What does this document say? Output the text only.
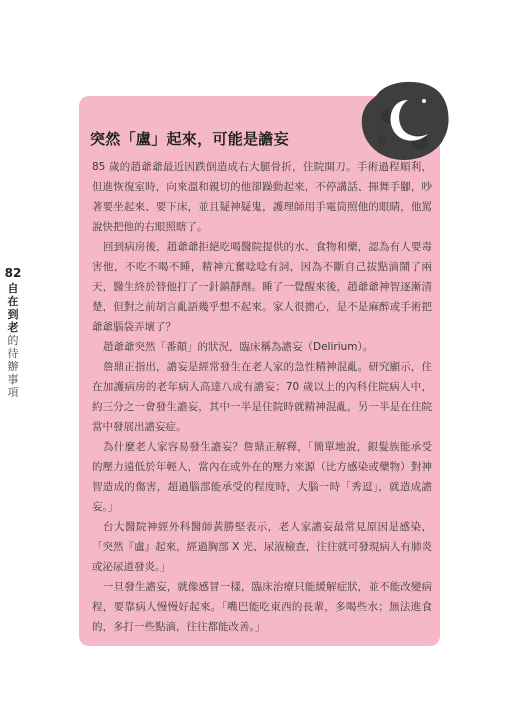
82
自
在
到
老
的
待
辦
事
項
突然「盧」起來，可能是譫妄

85 歲的趙爺爺最近因跌倒造成右大腿骨折，住院開刀。手術過程順利，但進恢復室時，向來溫和親切的他卻躁動起來，不停講話、揮舞手腳，吵著要坐起來、要下床，並且疑神疑鬼，護理師用手電筒照他的眼睛，他罵說快把他的右眼照瞎了。

回到病房後，趙爺爺拒絕吃喝醫院提供的水、食物和藥，認為有人要毒害他，不吃不喝不睡，精神亢奮唸唸有詞，因為不斷自己拔點滴鬧了兩天，醫生終於替他打了一針鎮靜劑。睡了一覺醒來後，趙爺爺神智逐漸清楚，但對之前胡言亂語幾乎想不起來。家人很擔心，是不是麻醉或手術把爺爺腦袋弄壞了？

趙爺爺突然「番顛」的狀況，臨床稱為譫妄（Delirium）。

詹鼎正指出，譫妄是經常發生在老人家的急性精神混亂。研究顯示，住在加護病房的老年病人高達八成有譫妄；70 歲以上的內科住院病人中，約三分之一會發生譫妄，其中一半是住院時就精神混亂，另一半是在住院當中發展出譫妄症。

為什麼老人家容易發生譫妄？詹鼎正解釋，「簡單地說，銀髮族能承受的壓力遠低於年輕人，當內在或外在的壓力來源（比方感染或藥物）對神智造成的傷害，超過腦部能承受的程度時，大腦一時「秀逗」，就造成譫妄。」

台大醫院神經外科醫師黃勝堅表示，老人家譫妄最常見原因是感染，「突然『盧』起來，經過胸部 X 光、尿液檢查，往往就可發現病人有肺炎或泌尿道發炎。」

一旦發生譫妄，就像感冒一樣，臨床治療只能緩解症狀，並不能改變病程，要靠病人慢慢好起來。「嘴巴能吃東西的長輩，多喝些水；無法進食的，多打一些點滴，往往都能改善。」
